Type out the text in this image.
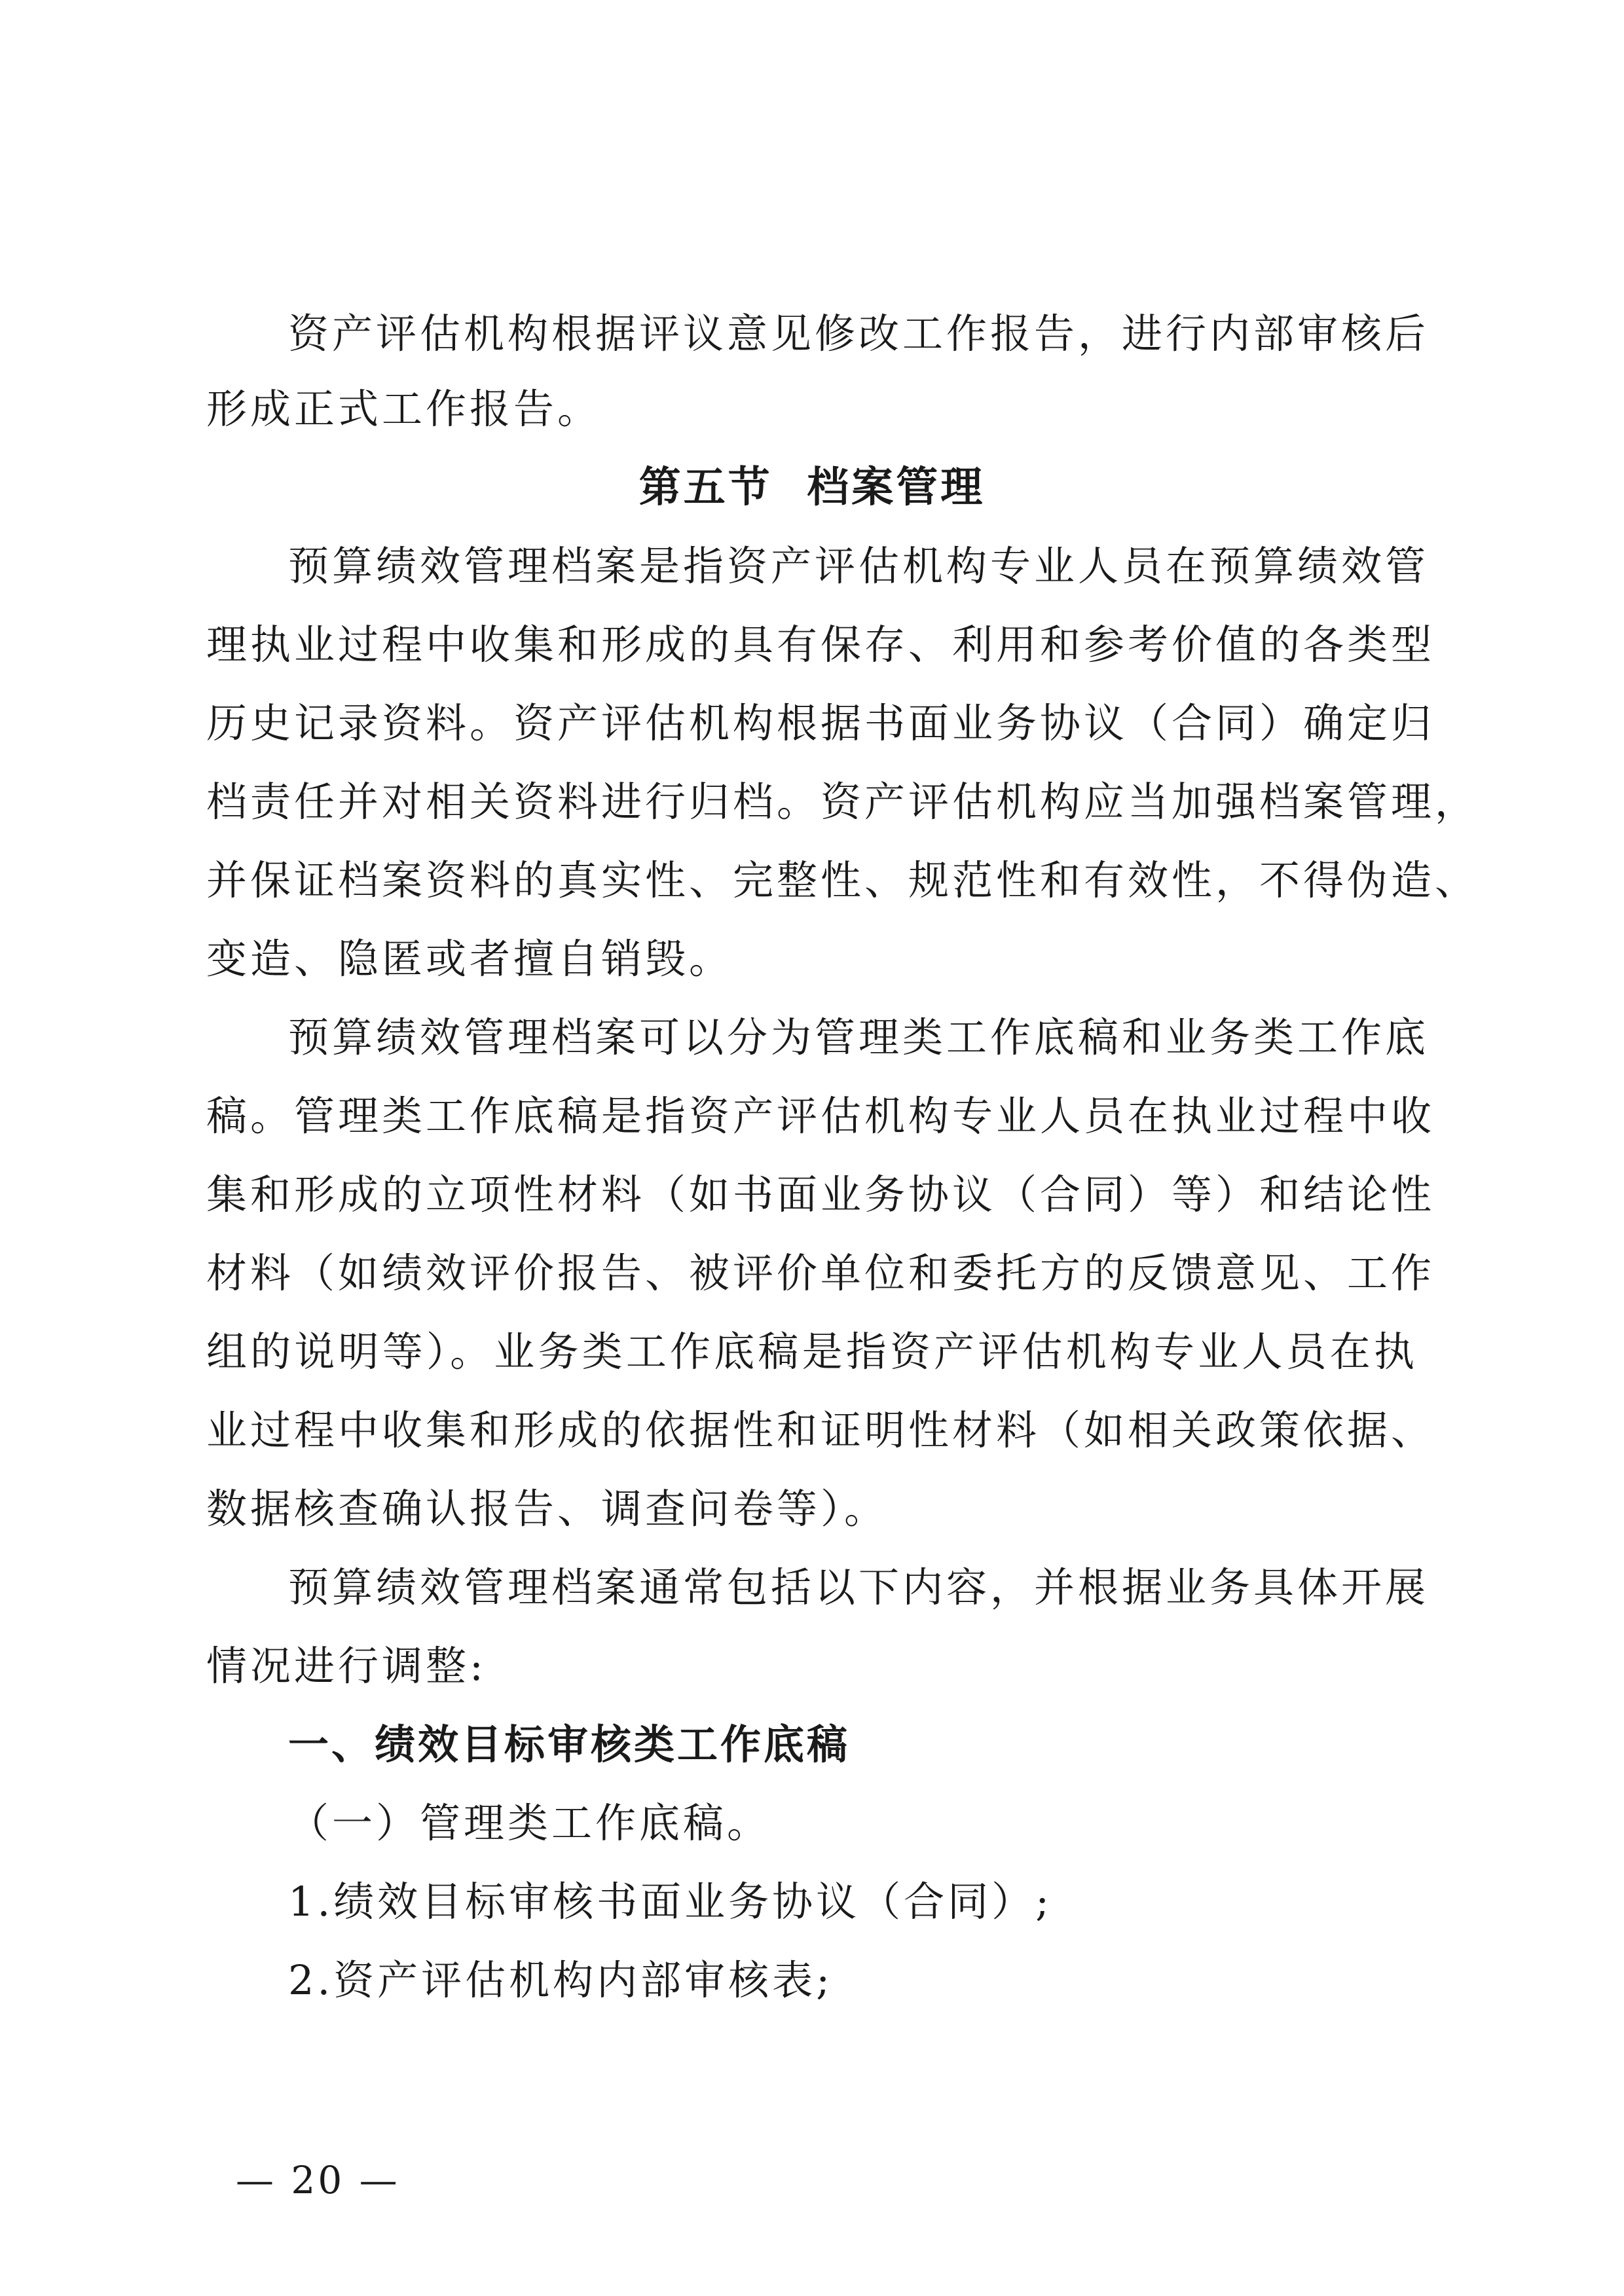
资产评估机构根据评议意见修改工作报告，进行内部审核后
形成正式工作报告。
第五节  档案管理
预算绩效管理档案是指资产评估机构专业人员在预算绩效管
理执业过程中收集和形成的具有保存、利用和参考价值的各类型
历史记录资料。资产评估机构根据书面业务协议（合同）确定归
档责任并对相关资料进行归档。资产评估机构应当加强档案管理，
并保证档案资料的真实性、完整性、规范性和有效性，不得伪造、
变造、隐匿或者擅自销毁。
预算绩效管理档案可以分为管理类工作底稿和业务类工作底
稿。管理类工作底稿是指资产评估机构专业人员在执业过程中收
集和形成的立项性材料（如书面业务协议（合同）等）和结论性
材料（如绩效评价报告、被评价单位和委托方的反馈意见、工作
组的说明等）。业务类工作底稿是指资产评估机构专业人员在执
业过程中收集和形成的依据性和证明性材料（如相关政策依据、
数据核查确认报告、调查问卷等）。
预算绩效管理档案通常包括以下内容，并根据业务具体开展
情况进行调整:
一、绩效目标审核类工作底稿
（一）管理类工作底稿。
1.绩效目标审核书面业务协议（合同）;
2.资产评估机构内部审核表;
— 20 —
